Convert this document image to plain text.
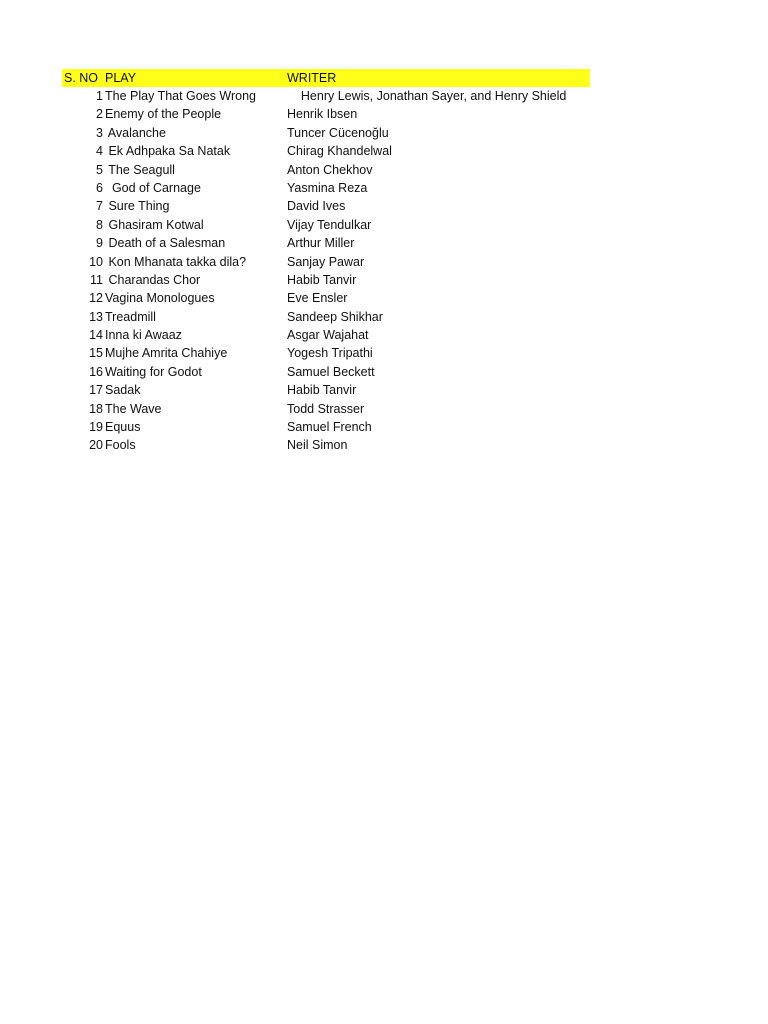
S. NO PLAY	WRITER
1 The Play That Goes Wrong	Henry Lewis, Jonathan Sayer, and Henry Shield
2 Enemy of the People	Henrik Ibsen
3 Avalanche	Tuncer Cücenoğlu
4 Ek Adhpaka Sa Natak	Chirag Khandelwal
5 The Seagull	Anton Chekhov
6 God of Carnage	Yasmina Reza
7 Sure Thing	David Ives
8 Ghasiram Kotwal	Vijay Tendulkar
9 Death of a Salesman	Arthur Miller
10 Kon Mhanata takka dila?	Sanjay Pawar
11 Charandas Chor	Habib Tanvir
12 Vagina Monologues	Eve Ensler
13 Treadmill	Sandeep Shikhar
14 Inna ki Awaaz	Asgar Wajahat
15 Mujhe Amrita Chahiye	Yogesh Tripathi
16 Waiting for Godot	Samuel Beckett
17 Sadak	Habib Tanvir
18 The Wave	Todd Strasser
19 Equus	Samuel French
20 Fools	Neil Simon
